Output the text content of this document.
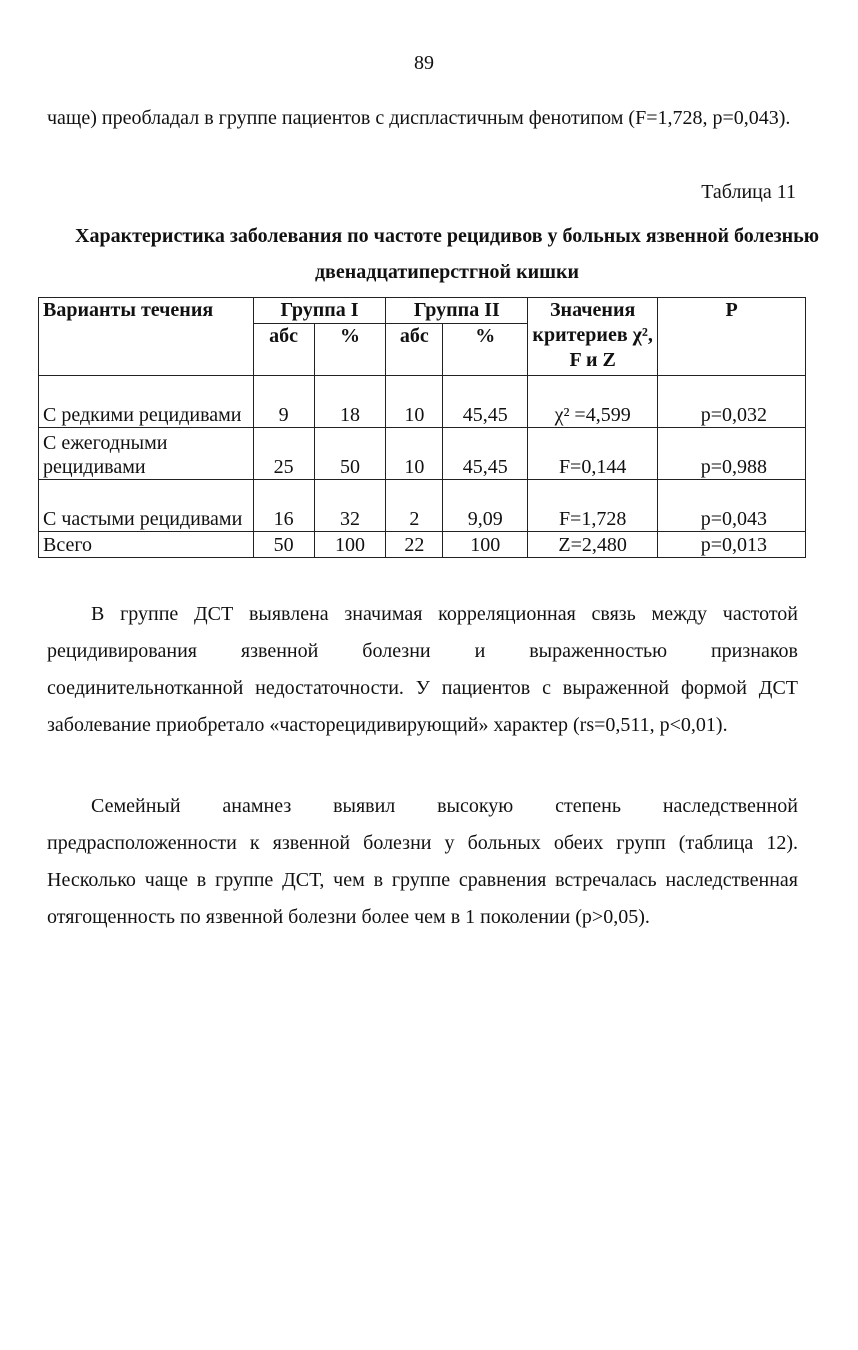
89

чаще) преобладал в группе пациентов с диспластичным фенотипом (F=1,728, p=0,043).

Таблица 11

Характеристика заболевания по частоте рецидивов у больных язвенной болезнью двенадцатиперстгной кишки

Варианты течения	Группа I		Группа II		Значения критериев χ², F и Z	P
	абс	%	абс	%		
С редкими рецидивами	9	18	10	45,45	χ² =4,599	p=0,032
С ежегодными рецидивами	25	50	10	45,45	F=0,144	p=0,988
С частыми рецидивами	16	32	2	9,09	F=1,728	p=0,043
Всего	50	100	22	100	Z=2,480	p=0,013

В группе ДСТ выявлена значимая корреляционная связь между частотой рецидивирования язвенной болезни и выраженностью признаков соединительнотканной недостаточности. У пациентов с выраженной формой ДСТ заболевание приобретало «часторецидивирующий» характер (rs=0,511, p<0,01).

Семейный анамнез выявил высокую степень наследственной предрасположенности к язвенной болезни у больных обеих групп (таблица 12). Несколько чаще в группе ДСТ, чем в группе сравнения встречалась наследственная отягощенность по язвенной болезни более чем в 1 поколении (p>0,05).
